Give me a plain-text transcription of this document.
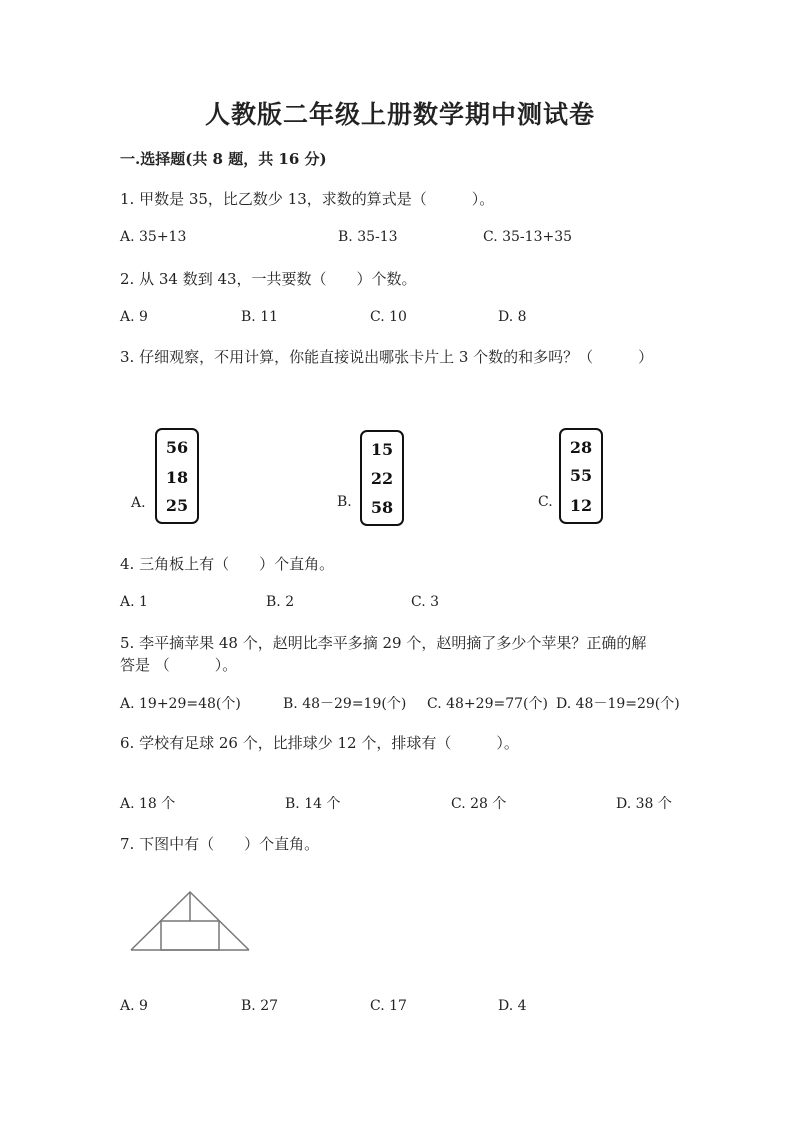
人教版二年级上册数学期中测试卷
一.选择题(共 8 题，共 16 分)
1. 甲数是 35，比乙数少 13，求数的算式是（　　　）。
A. 35+13	B. 35-13	C. 35-13+35
2. 从 34 数到 43，一共要数（　　）个数。
A. 9	B. 11	C. 10	D. 8
3. 仔细观察，不用计算，你能直接说出哪张卡片上 3 个数的和多吗？（　　　）
A.
56
18
25	B.
15
22
58	C.
28
55
12
4. 三角板上有（　　）个直角。
A. 1	B. 2	C. 3
5. 李平摘苹果 48 个，赵明比李平多摘 29 个，赵明摘了多少个苹果？正确的解
答是 （　　　）。
A. 19+29=48(个)	B. 48－29=19(个) C. 48+29=77(个) D. 48－19=29(个)
6. 学校有足球 26 个，比排球少 12 个，排球有（　　　）。
A. 18 个	B. 14 个	C. 28 个	D. 38 个
7. 下图中有（　　）个直角。
A. 9	B. 27	C. 17	D. 4
